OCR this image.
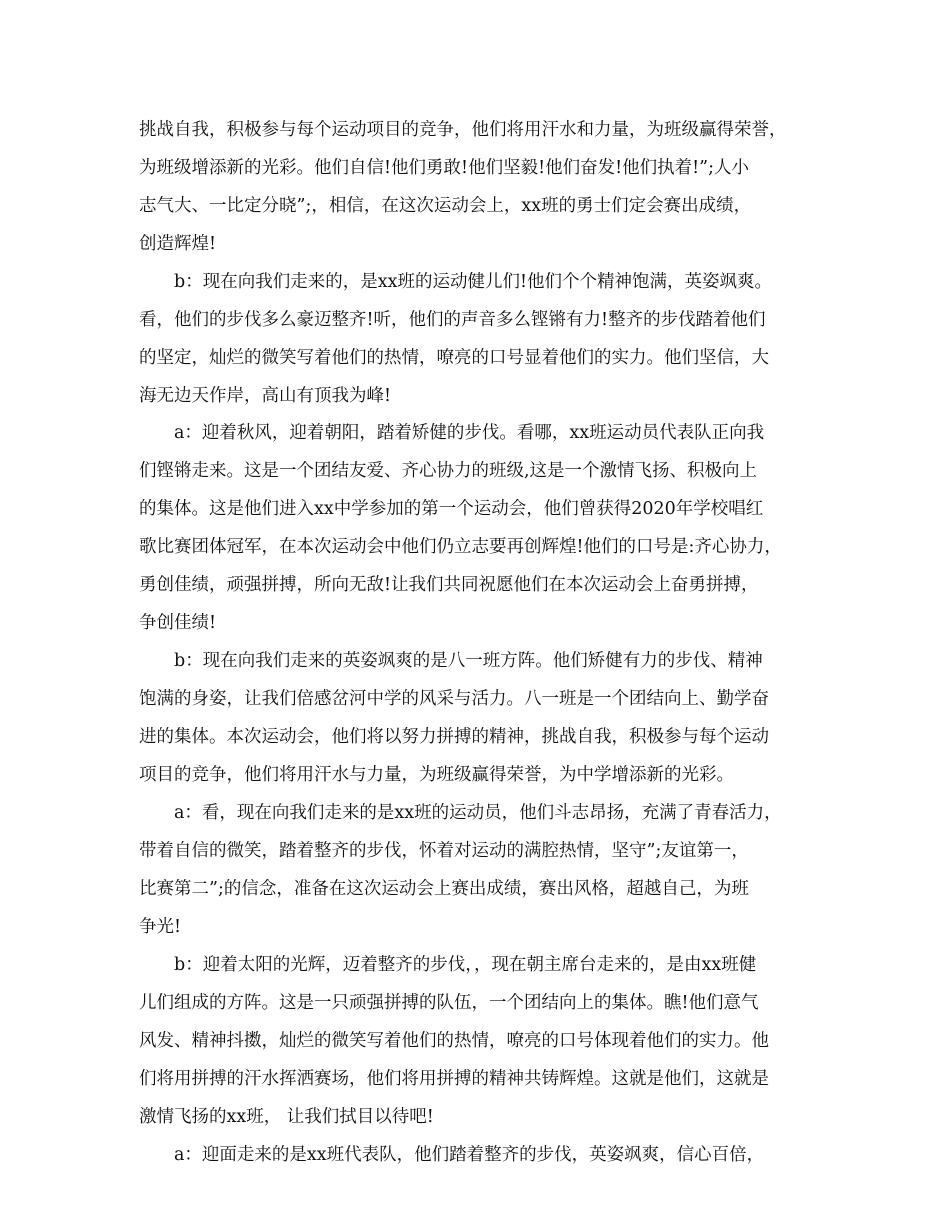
挑战自我，积极参与每个运动项目的竞争，他们将用汗水和力量，为班级赢得荣誉，
为班级增添新的光彩。他们自信!他们勇敢!他们坚毅!他们奋发!他们执着!”;人小
志气大、一比定分晓”;，相信，在这次运动会上，xx班的勇士们定会赛出成绩，
创造辉煌!
b：现在向我们走来的，是xx班的运动健儿们!他们个个精神饱满，英姿飒爽。
看，他们的步伐多么豪迈整齐!听，他们的声音多么铿锵有力!整齐的步伐踏着他们
的坚定，灿烂的微笑写着他们的热情，嘹亮的口号显着他们的实力。他们坚信，大
海无边天作岸，高山有顶我为峰!
a：迎着秋风，迎着朝阳，踏着矫健的步伐。看哪，xx班运动员代表队正向我
们铿锵走来。这是一个团结友爱、齐心协力的班级,这是一个激情飞扬、积极向上
的集体。这是他们进入xx中学参加的第一个运动会，他们曾获得2020年学校唱红
歌比赛团体冠军，在本次运动会中他们仍立志要再创辉煌!他们的口号是:齐心协力，
勇创佳绩，顽强拼搏，所向无敌!让我们共同祝愿他们在本次运动会上奋勇拼搏，
争创佳绩!
b：现在向我们走来的英姿飒爽的是八一班方阵。他们矫健有力的步伐、精神
饱满的身姿，让我们倍感岔河中学的风采与活力。八一班是一个团结向上、勤学奋
进的集体。本次运动会，他们将以努力拼搏的精神，挑战自我，积极参与每个运动
项目的竞争，他们将用汗水与力量，为班级赢得荣誉，为中学增添新的光彩。
a：看，现在向我们走来的是xx班的运动员，他们斗志昂扬，充满了青春活力，
带着自信的微笑，踏着整齐的步伐，怀着对运动的满腔热情，坚守”;友谊第一，
比赛第二”;的信念，准备在这次运动会上赛出成绩，赛出风格，超越自己，为班
争光!
b：迎着太阳的光辉，迈着整齐的步伐，，现在朝主席台走来的，是由xx班健
儿们组成的方阵。这是一只顽强拼搏的队伍，一个团结向上的集体。瞧!他们意气
风发、精神抖擞，灿烂的微笑写着他们的热情，嘹亮的口号体现着他们的实力。他
们将用拼搏的汗水挥洒赛场，他们将用拼搏的精神共铸辉煌。这就是他们，这就是
激情飞扬的xx班， 让我们拭目以待吧!
a：迎面走来的是xx班代表队，他们踏着整齐的步伐，英姿飒爽，信心百倍，
